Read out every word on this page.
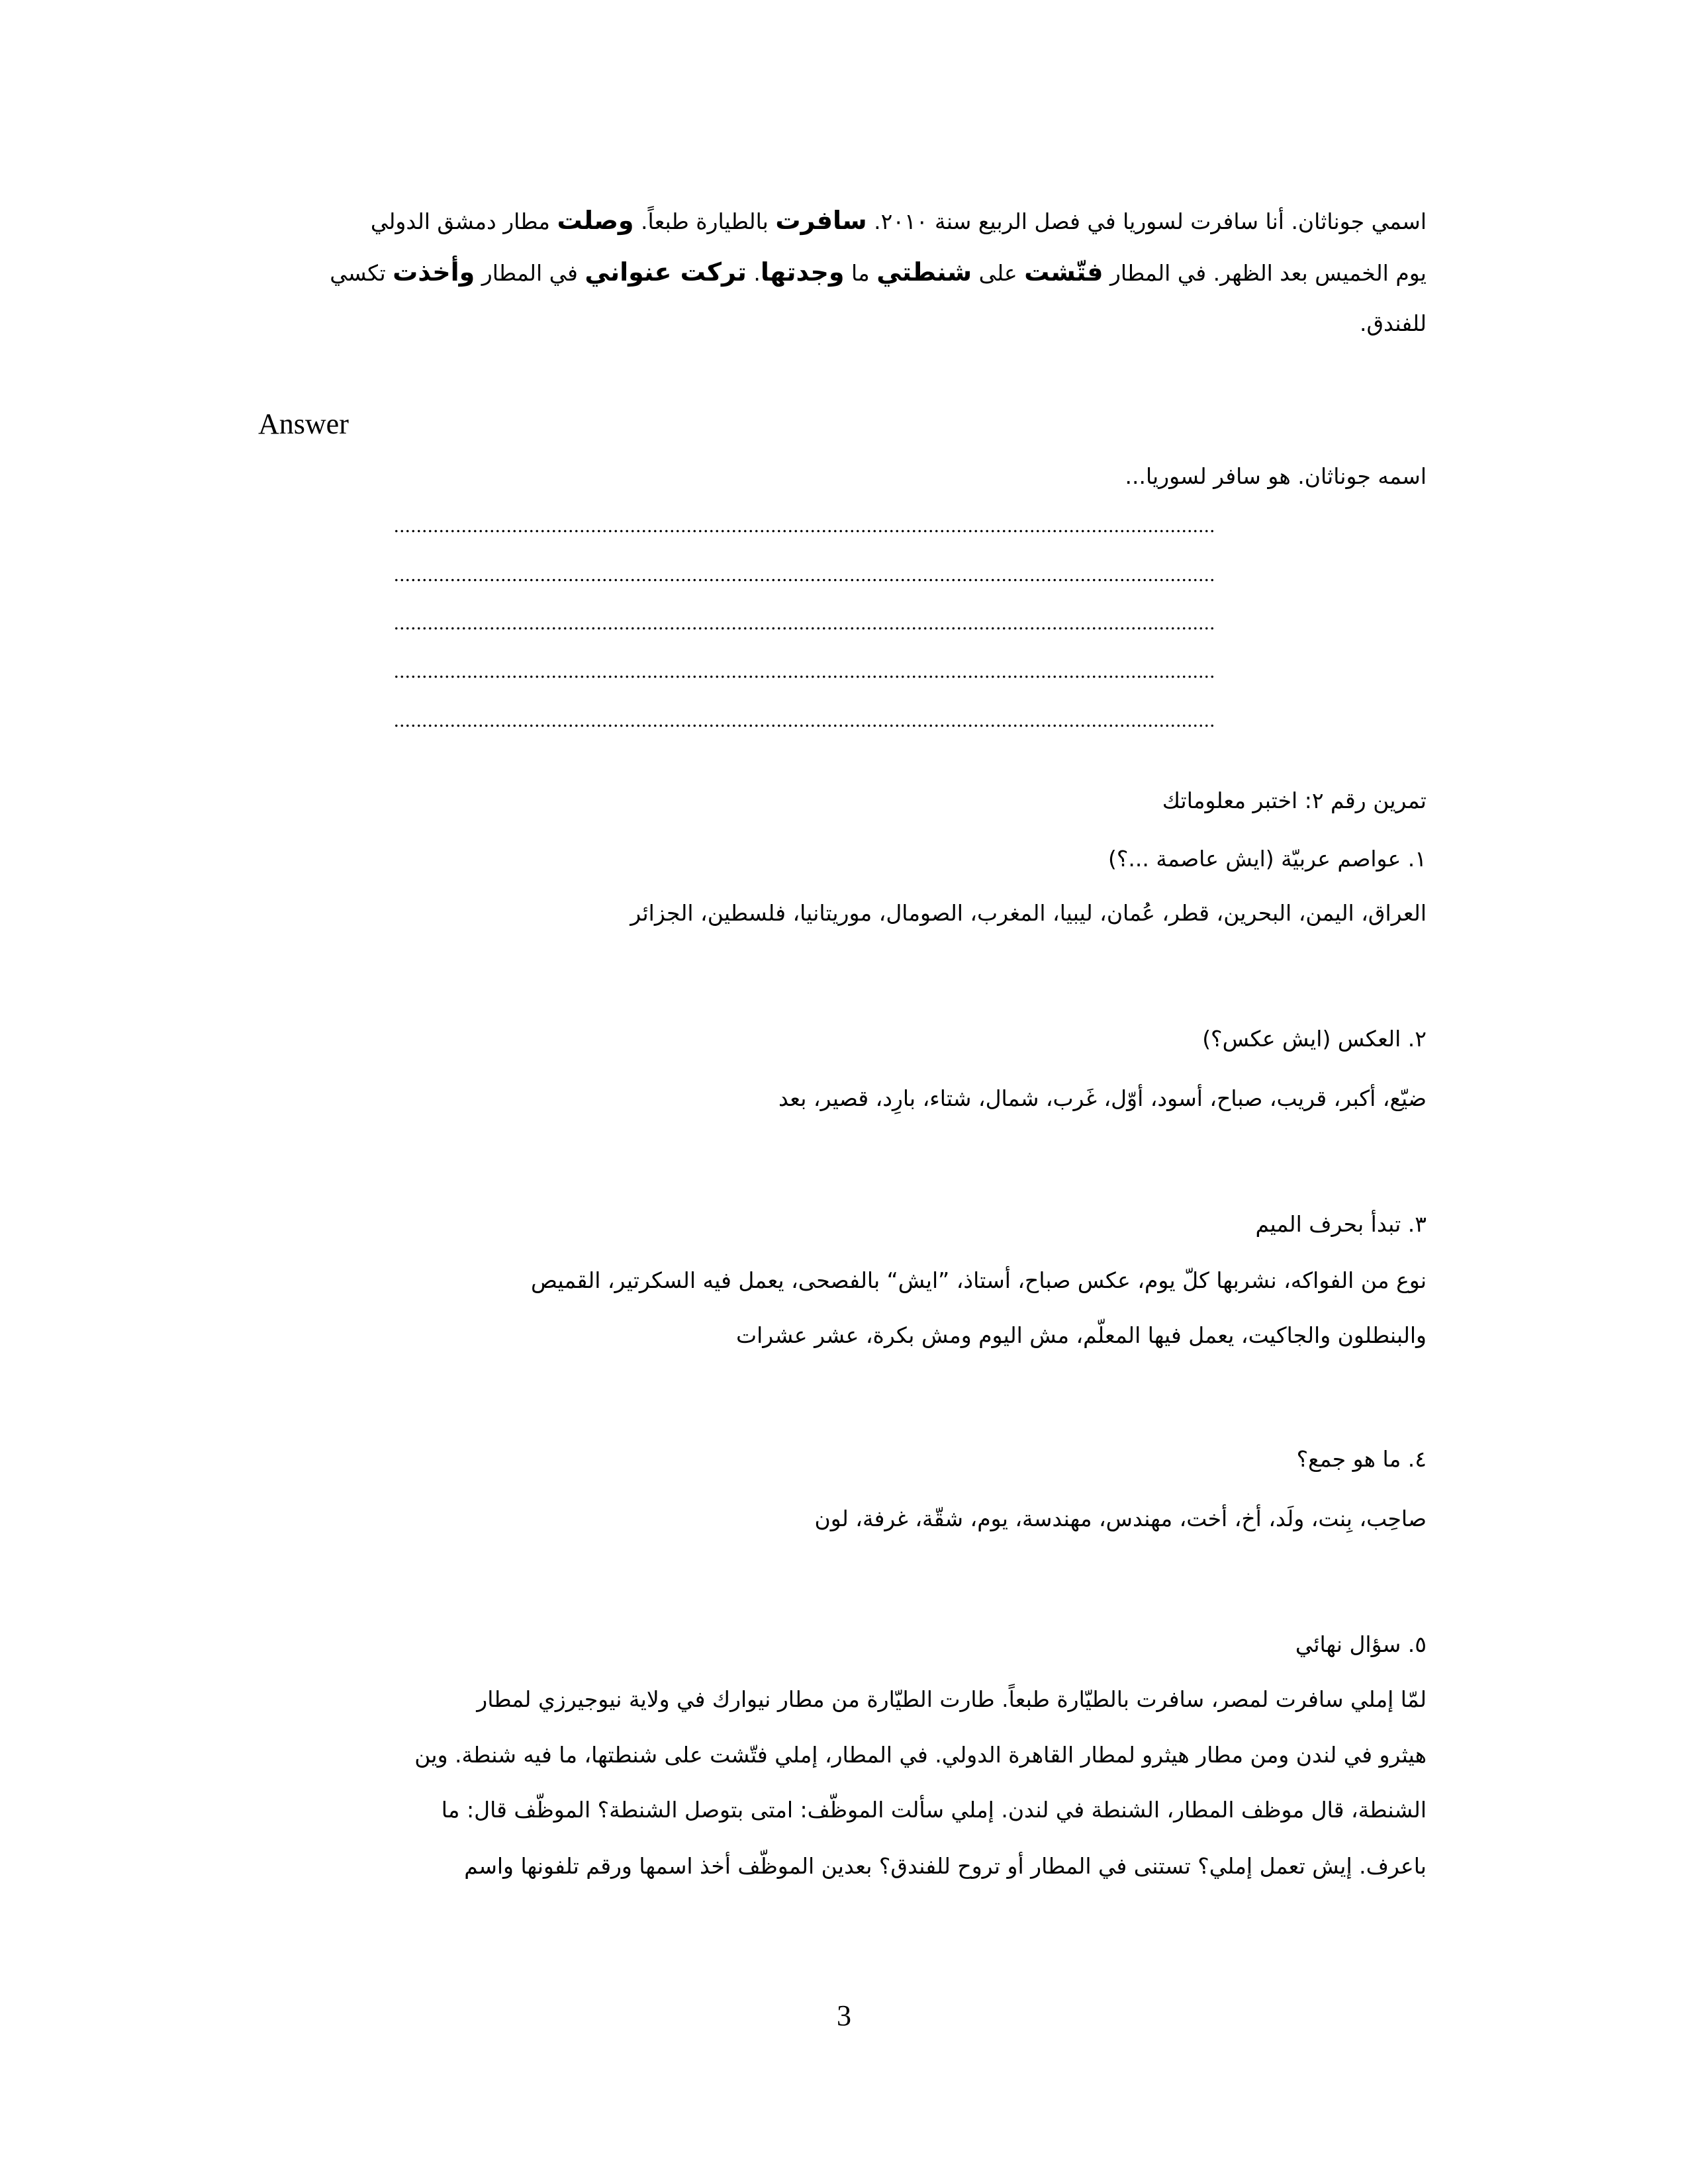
اسمي جوناثان. أنا سافرت لسوريا في فصل الربيع سنة ٢٠١٠. سافرت بالطيارة طبعاً. وصلت مطار دمشق الدولي
يوم الخميس بعد الظهر. في المطار فتّشت على شنطتي ما وجدتها. تركت عنواني في المطار وأخذت تكسي
للفندق.
Answer
اسمه جوناثان. هو سافر لسوريا...
..................................................................................................................................................
..................................................................................................................................................
..................................................................................................................................................
..................................................................................................................................................
..................................................................................................................................................
تمرين رقم ٢: اختبر معلوماتك
١. عواصم عربيّة (ايش عاصمة ...؟)
العراق، اليمن، البحرين، قطر، عُمان، ليبيا، المغرب، الصومال، موريتانيا، فلسطين، الجزائر
٢. العكس (ايش عكس؟)
ضيّع، أكبر، قريب، صباح، أسود، أوّل، غَرب، شمال، شتاء، بارِد، قصير، بعد
٣. تبدأ بحرف الميم
نوع من الفواكه، نشربها كلّ يوم، عكس صباح، أستاذ، ”ايش“ بالفصحى، يعمل فيه السكرتير، القميص
والبنطلون والجاكيت، يعمل فيها المعلّم، مش اليوم ومش بكرة، عشر عشرات
٤. ما هو جمع؟
صاحِب، بِنت، ولَد، أخ، أخت، مهندس، مهندسة، يوم، شقّة، غرفة، لون
٥. سؤال نهائي
لمّا إملي سافرت لمصر، سافرت بالطيّارة طبعاً. طارت الطيّارة من مطار نيوارك في ولاية نيوجيرزي لمطار
هيثرو في لندن ومن مطار هيثرو لمطار القاهرة الدولي. في المطار، إملي فتّشت على شنطتها، ما فيه شنطة. وين
الشنطة، قال موظف المطار، الشنطة في لندن. إملي سألت الموظّف: امتى بتوصل الشنطة؟ الموظّف قال: ما
باعرف. إيش تعمل إملي؟ تستنى في المطار أو تروح للفندق؟ بعدين الموظّف أخذ اسمها ورقم تلفونها واسم
3
